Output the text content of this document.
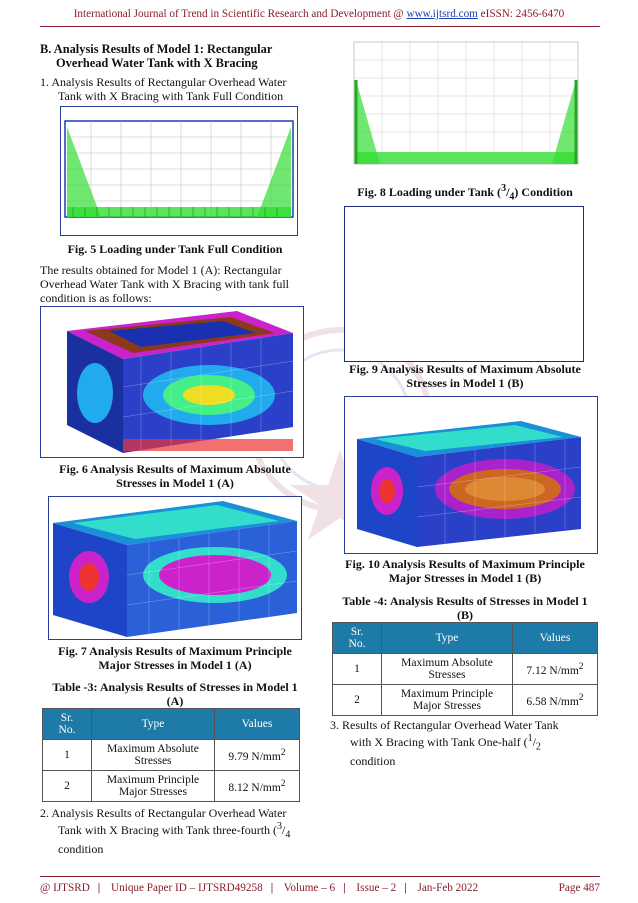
International Journal of Trend in Scientific Research and Development @ www.ijtsrd.com eISSN: 2456-6470
B. Analysis Results of Model 1: Rectangular
Overhead Water Tank with X Bracing
1. Analysis Results of Rectangular Overhead Water
Tank with X Bracing with Tank Full Condition
Fig. 5 Loading under Tank Full Condition
The results obtained for Model 1 (A): Rectangular
Overhead Water Tank with X Bracing with tank full
condition is as follows:
Fig. 6 Analysis Results of Maximum Absolute
Stresses in Model 1 (A)
Fig. 7 Analysis Results of Maximum Principle
Major Stresses in Model 1 (A)
Table -3: Analysis Results of Stresses in Model 1
(A)
Sr.
No.	Type	Values
1	Maximum Absolute
Stresses	9.79 $N/mm^2$
2	Maximum Principle
Major Stresses	8.12 $N/mm^2$
2. Analysis Results of Rectangular Overhead Water
Tank with X Bracing with Tank three-fourth ($^3/_4$
condition
Fig. 8 Loading under Tank $(^3/_4)$ Condition
Fig. 9 Analysis Results of Maximum Absolute
Stresses in Model 1 (B)
Fig. 10 Analysis Results of Maximum Principle
Major Stresses in Model 1 (B)
Table -4: Analysis Results of Stresses in Model 1
(B)
Sr.
No.	Type	Values
1	Maximum Absolute
Stresses	7.12 $N/mm^2$
2	Maximum Principle
Major Stresses	6.58 $N/mm^2$
3. Results of Rectangular Overhead Water Tank
with X Bracing with Tank One-half ($^1/_2$
condition
@ IJTSRD | Unique Paper ID – IJTSRD49258 | Volume – 6 | Issue – 2 | Jan-Feb 2022	Page 487
